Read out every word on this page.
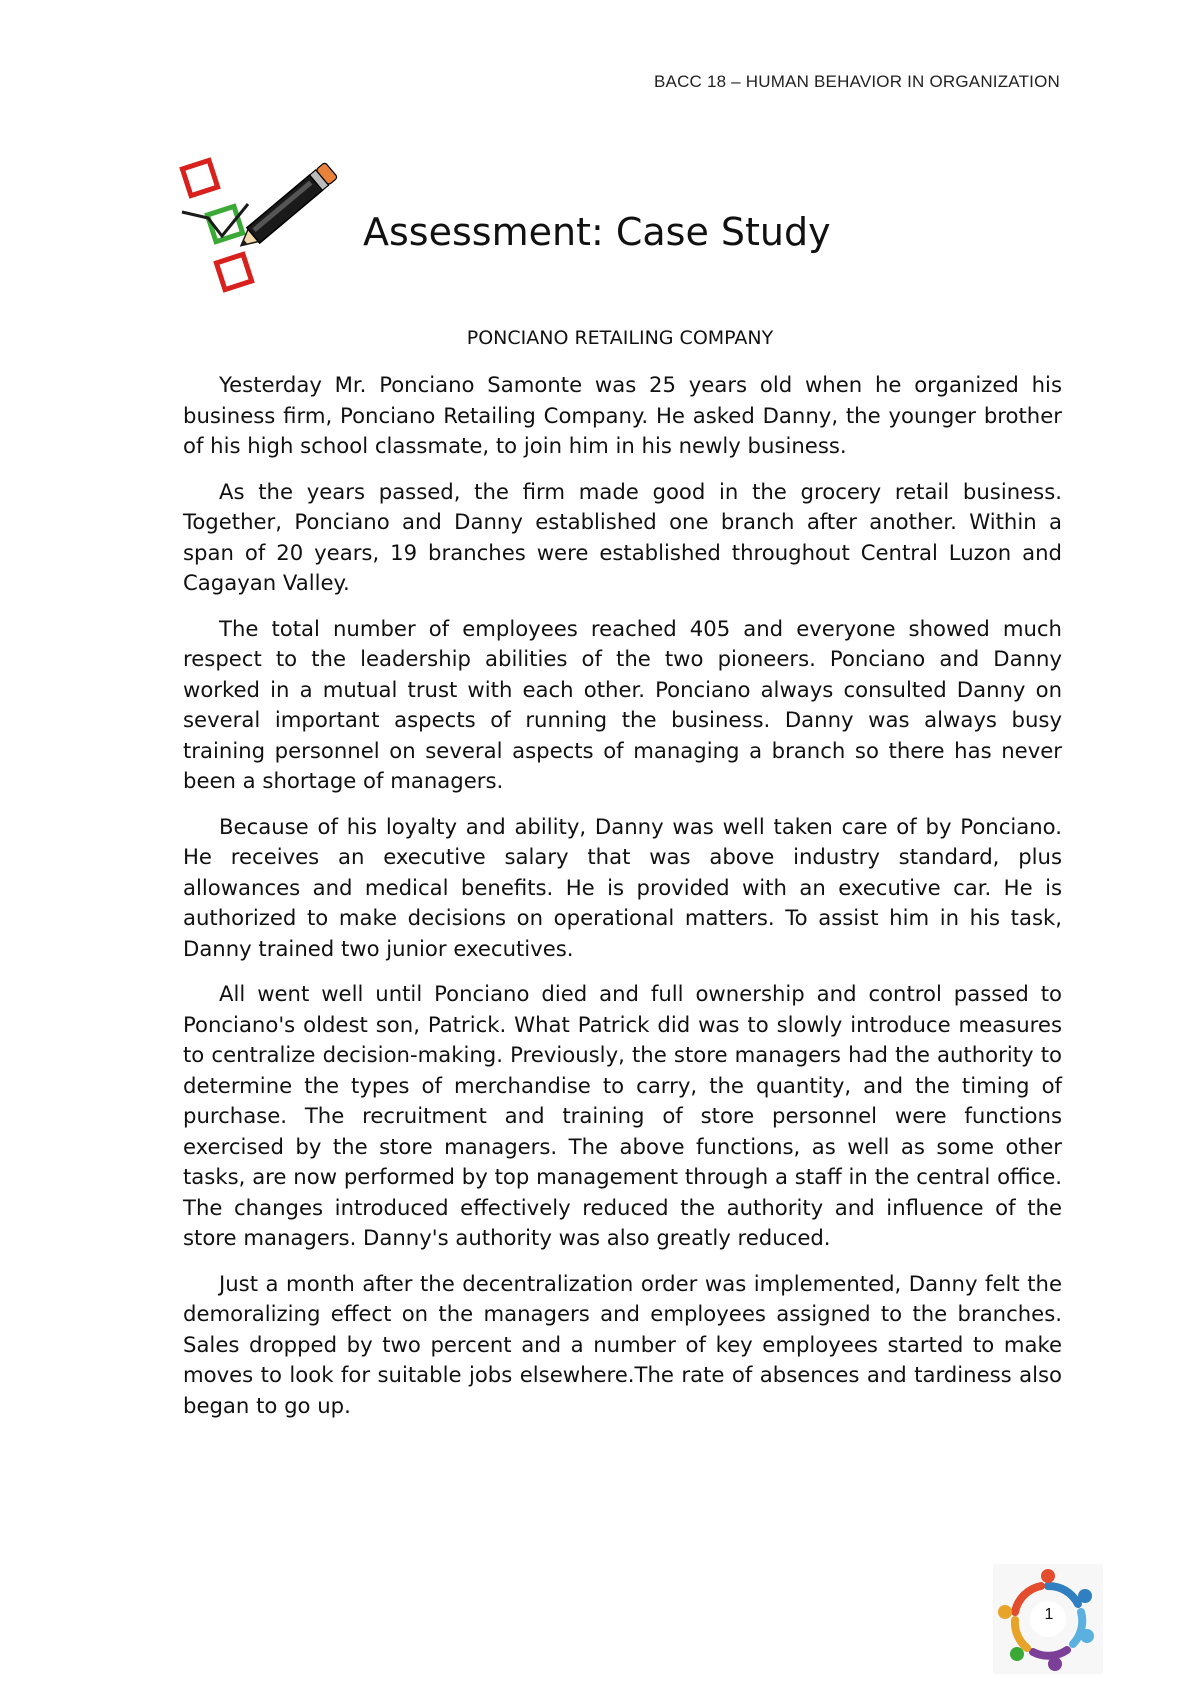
BACC 18 – HUMAN BEHAVIOR IN ORGANIZATION
Assessment: Case Study
PONCIANO RETAILING COMPANY

Yesterday Mr. Ponciano Samonte was 25 years old when he organized his business firm, Ponciano Retailing Company. He asked Danny, the younger brother of his high school classmate, to join him in his newly business.

As the years passed, the firm made good in the grocery retail business. Together, Ponciano and Danny established one branch after another. Within a span of 20 years, 19 branches were established throughout Central Luzon and Cagayan Valley.

The total number of employees reached 405 and everyone showed much respect to the leadership abilities of the two pioneers. Ponciano and Danny worked in a mutual trust with each other. Ponciano always consulted Danny on several important aspects of running the business. Danny was always busy training personnel on several aspects of managing a branch so there has never been a shortage of managers.

Because of his loyalty and ability, Danny was well taken care of by Ponciano. He receives an executive salary that was above industry standard, plus allowances and medical benefits. He is provided with an executive car. He is authorized to make decisions on operational matters. To assist him in his task, Danny trained two junior executives.

All went well until Ponciano died and full ownership and control passed to Ponciano's oldest son, Patrick. What Patrick did was to slowly introduce measures to centralize decision-making. Previously, the store managers had the authority to determine the types of merchandise to carry, the quantity, and the timing of purchase. The recruitment and training of store personnel were functions exercised by the store managers. The above functions, as well as some other tasks, are now performed by top management through a staff in the central office. The changes introduced effectively reduced the authority and influence of the store managers. Danny's authority was also greatly reduced.

Just a month after the decentralization order was implemented, Danny felt the demoralizing effect on the managers and employees assigned to the branches. Sales dropped by two percent and a number of key employees started to make moves to look for suitable jobs elsewhere.The rate of absences and tardiness also began to go up.

1
